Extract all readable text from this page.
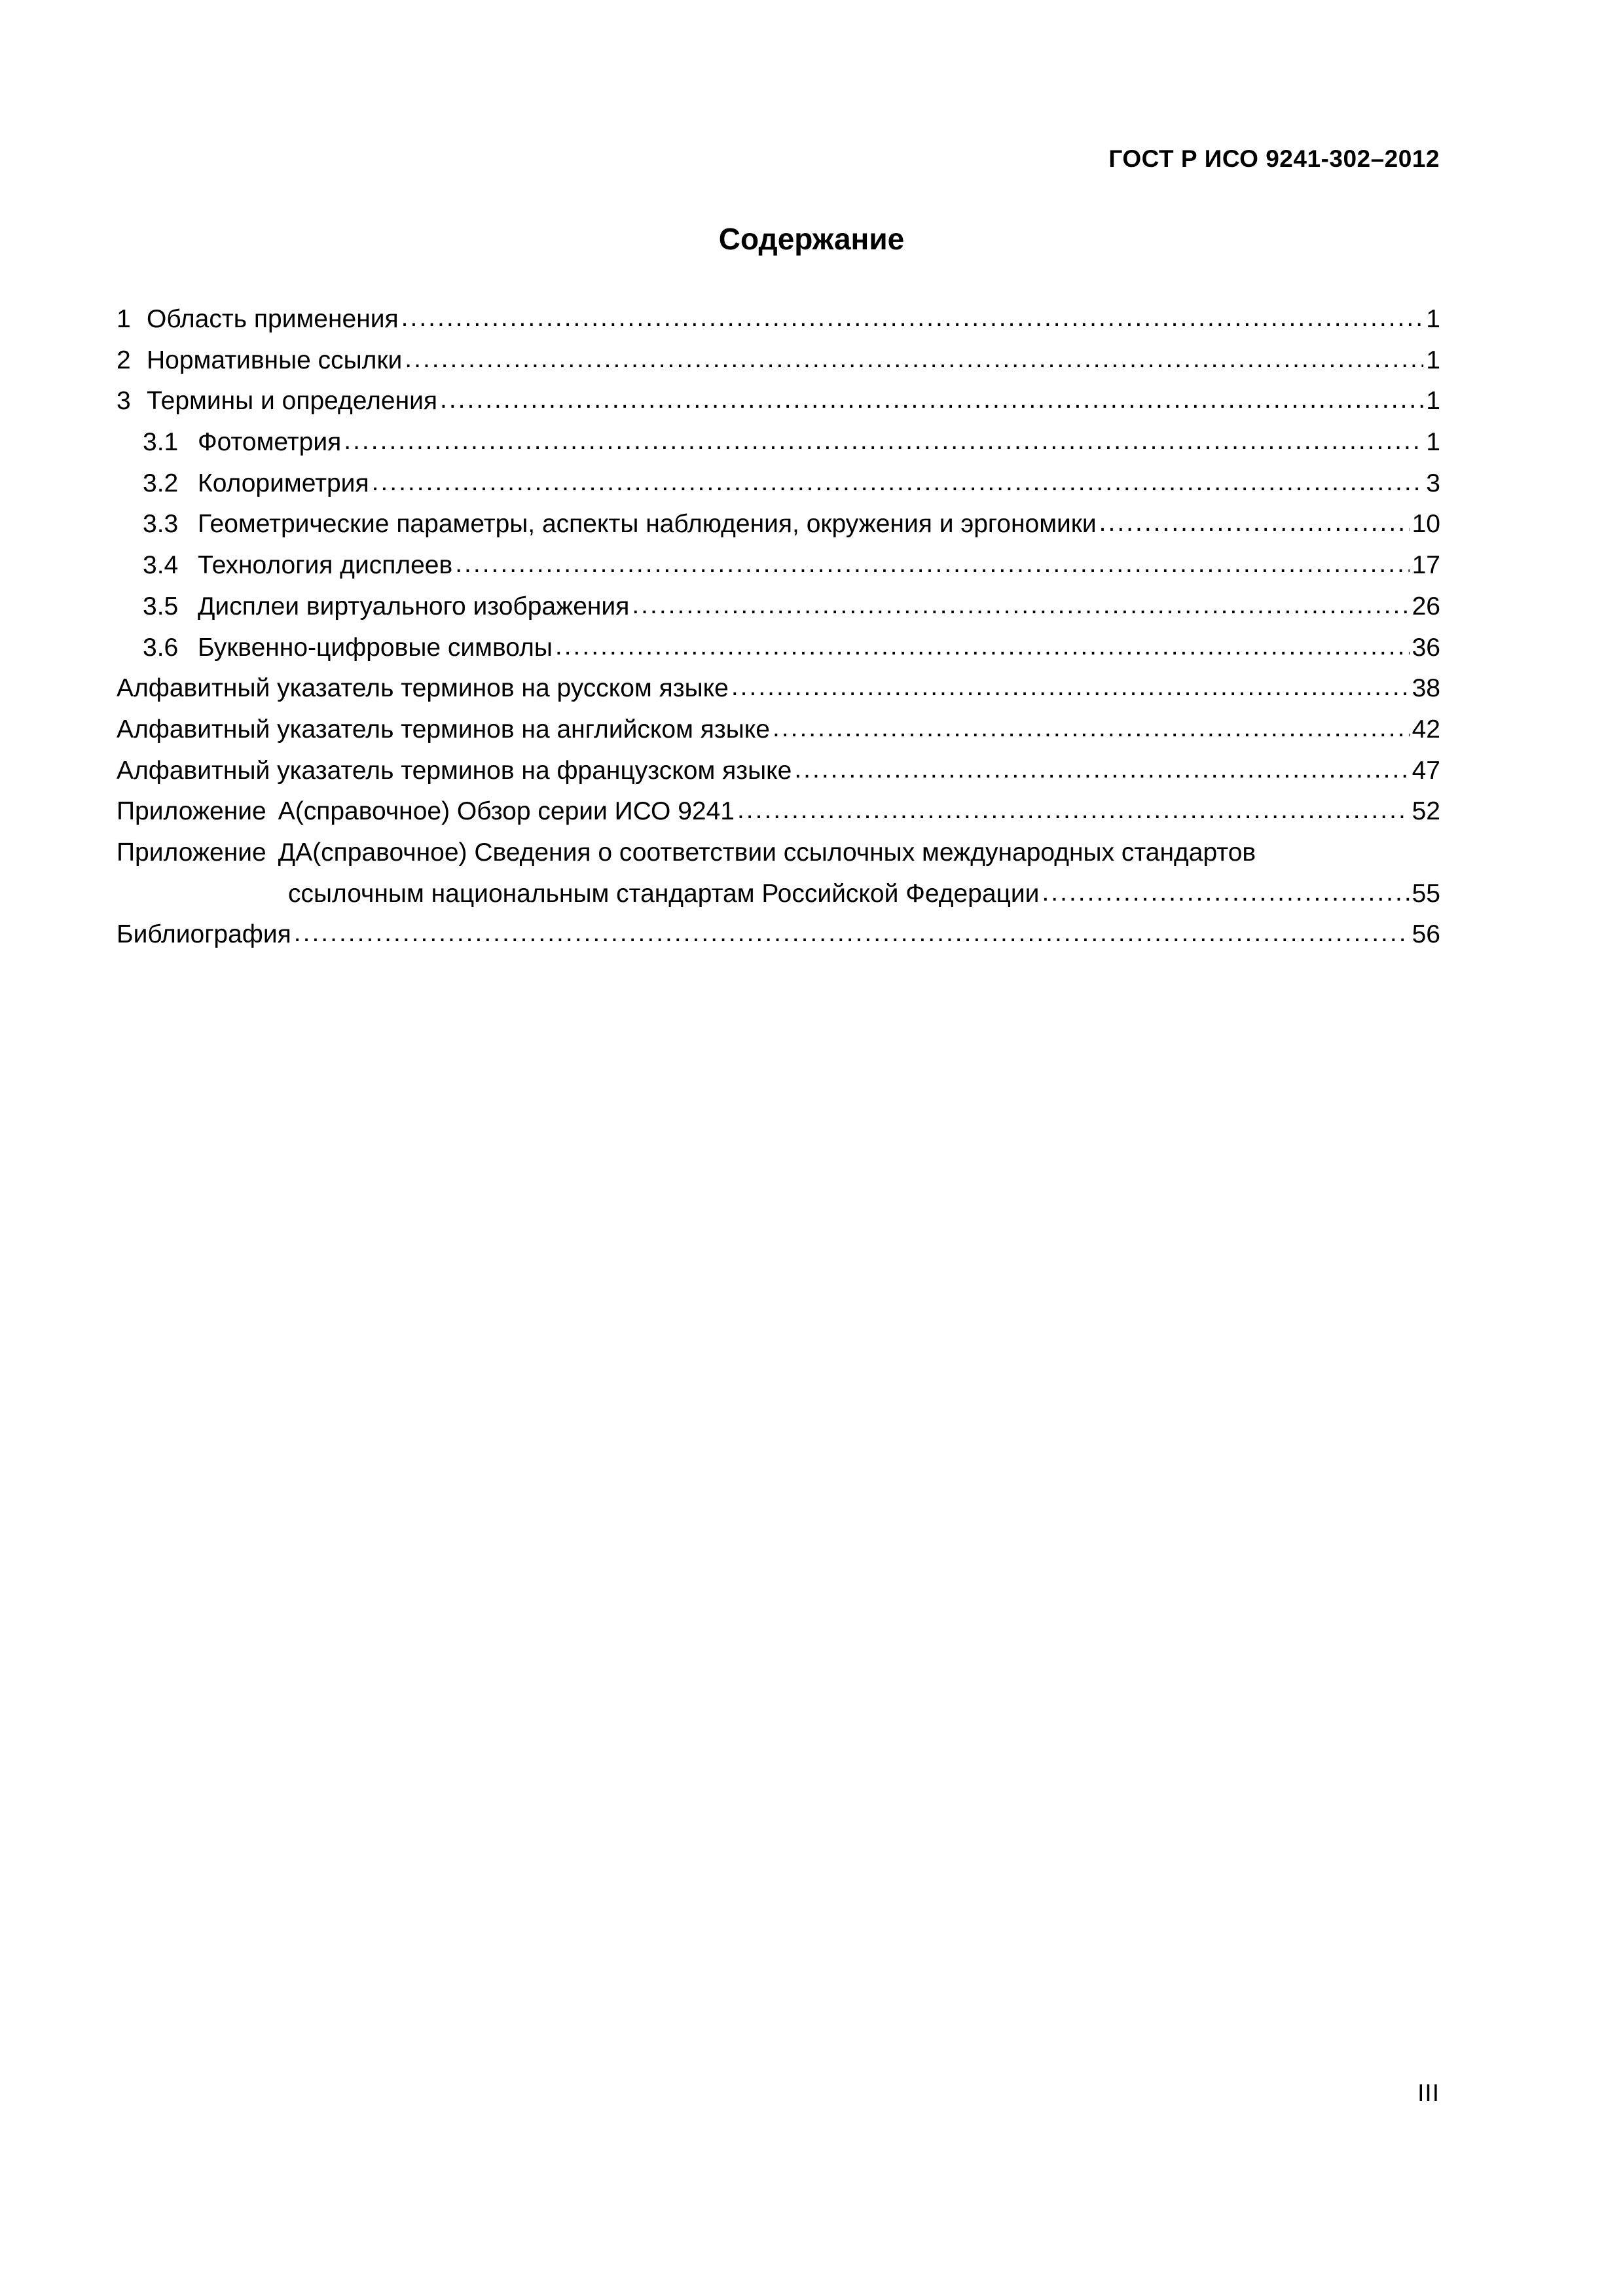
ГОСТ Р ИСО 9241-302–2012
Содержание
1 Область применения .....	1
2 Нормативные ссылки .....	1
3 Термины и определения .....	1
3.1 Фотометрия .....	1
3.2 Колориметрия .....	3
3.3 Геометрические параметры, аспекты наблюдения, окружения и эргономики .....	10
3.4 Технология дисплеев .....	17
3.5 Дисплеи виртуального изображения .....	26
3.6 Буквенно-цифровые символы .....	36
Алфавитный указатель терминов на русском языке .....	38
Алфавитный указатель терминов на английском языке .....	42
Алфавитный указатель терминов на французском языке .....	47
Приложение А(справочное) Обзор серии ИСО 9241 .....	52
Приложение ДА(справочное) Сведения о соответствии ссылочных международных стандартов
ссылочным национальным стандартам Российской Федерации .....	55
Библиография .....	56
III
